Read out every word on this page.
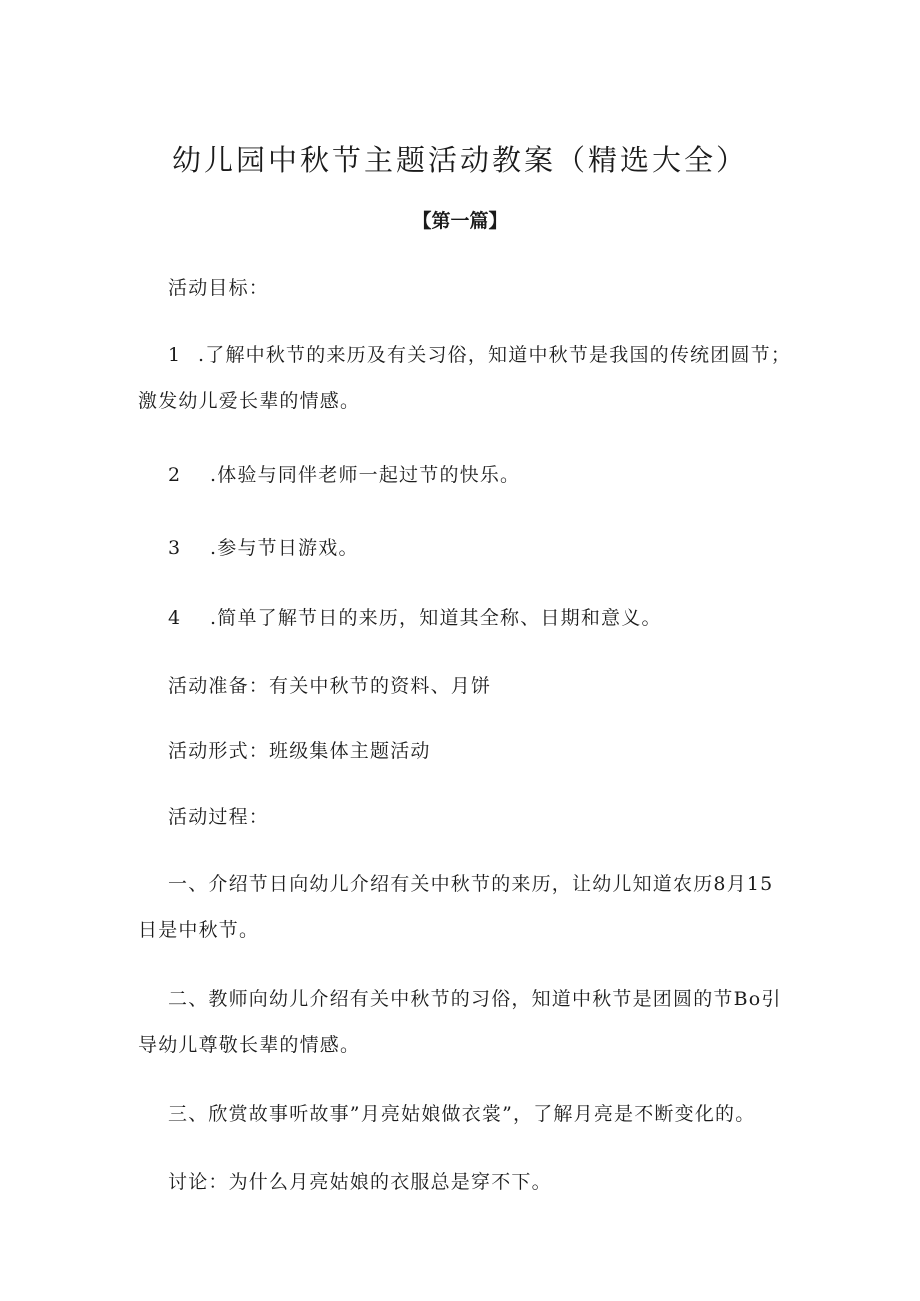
幼儿园中秋节主题活动教案（精选大全）
【第一篇】

活动目标：

1 .了解中秋节的来历及有关习俗，知道中秋节是我国的传统团圆节；

激发幼儿爱长辈的情感。

2 .体验与同伴老师一起过节的快乐。

3 .参与节日游戏。

4 .简单了解节日的来历，知道其全称、日期和意义。

活动准备：有关中秋节的资料、月饼

活动形式：班级集体主题活动

活动过程：

一、介绍节日向幼儿介绍有关中秋节的来历，让幼儿知道农历8月15

日是中秋节。

二、教师向幼儿介绍有关中秋节的习俗，知道中秋节是团圆的节Bo引

导幼儿尊敬长辈的情感。

三、欣赏故事听故事”月亮姑娘做衣裳”，了解月亮是不断变化的。

讨论：为什么月亮姑娘的衣服总是穿不下。
